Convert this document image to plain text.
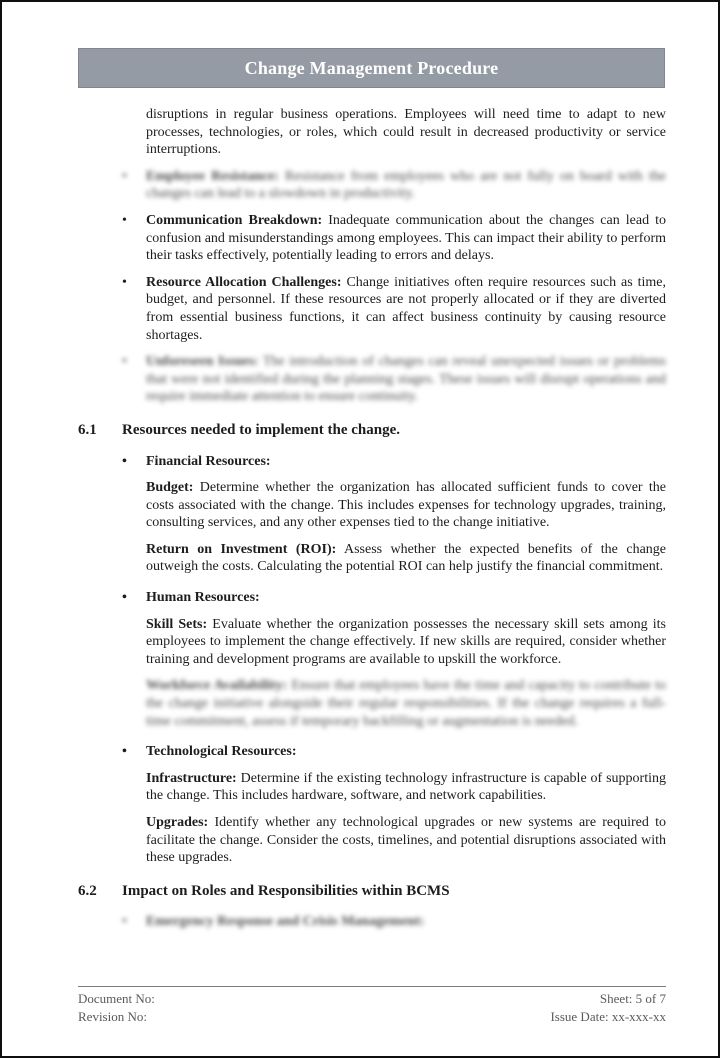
Change Management Procedure

disruptions in regular business operations. Employees will need time to adapt to new processes, technologies, or roles, which could result in decreased productivity or service interruptions.

•	Employee Resistance: Resistance from employees who are not fully on board with the changes can lead to a slowdown in productivity.

•	Communication Breakdown: Inadequate communication about the changes can lead to confusion and misunderstandings among employees. This can impact their ability to perform their tasks effectively, potentially leading to errors and delays.

•	Resource Allocation Challenges: Change initiatives often require resources such as time, budget, and personnel. If these resources are not properly allocated or if they are diverted from essential business functions, it can affect business continuity by causing resource shortages.

•	Unforeseen Issues: The introduction of changes can reveal unexpected issues or problems that were not identified during the planning stages. These issues will disrupt operations and require immediate attention to ensure continuity.

6.1	Resources needed to implement the change.
•	Financial Resources:

Budget: Determine whether the organization has allocated sufficient funds to cover the costs associated with the change. This includes expenses for technology upgrades, training, consulting services, and any other expenses tied to the change initiative.

Return on Investment (ROI): Assess whether the expected benefits of the change outweigh the costs. Calculating the potential ROI can help justify the financial commitment.

•	Human Resources:

Skill Sets: Evaluate whether the organization possesses the necessary skill sets among its employees to implement the change effectively. If new skills are required, consider whether training and development programs are available to upskill the workforce.

Workforce Availability: Ensure that employees have the time and capacity to contribute to the change initiative alongside their regular responsibilities. If the change requires a full-time commitment, assess if temporary backfilling or augmentation is needed.

•	Technological Resources:

Infrastructure: Determine if the existing technology infrastructure is capable of supporting the change. This includes hardware, software, and network capabilities.

Upgrades: Identify whether any technological upgrades or new systems are required to facilitate the change. Consider the costs, timelines, and potential disruptions associated with these upgrades.

6.2	Impact on Roles and Responsibilities within BCMS
•	Emergency Response and Crisis Management:

Document No:
Revision No:
Sheet: 5 of 7
Issue Date: xx-xxx-xx
